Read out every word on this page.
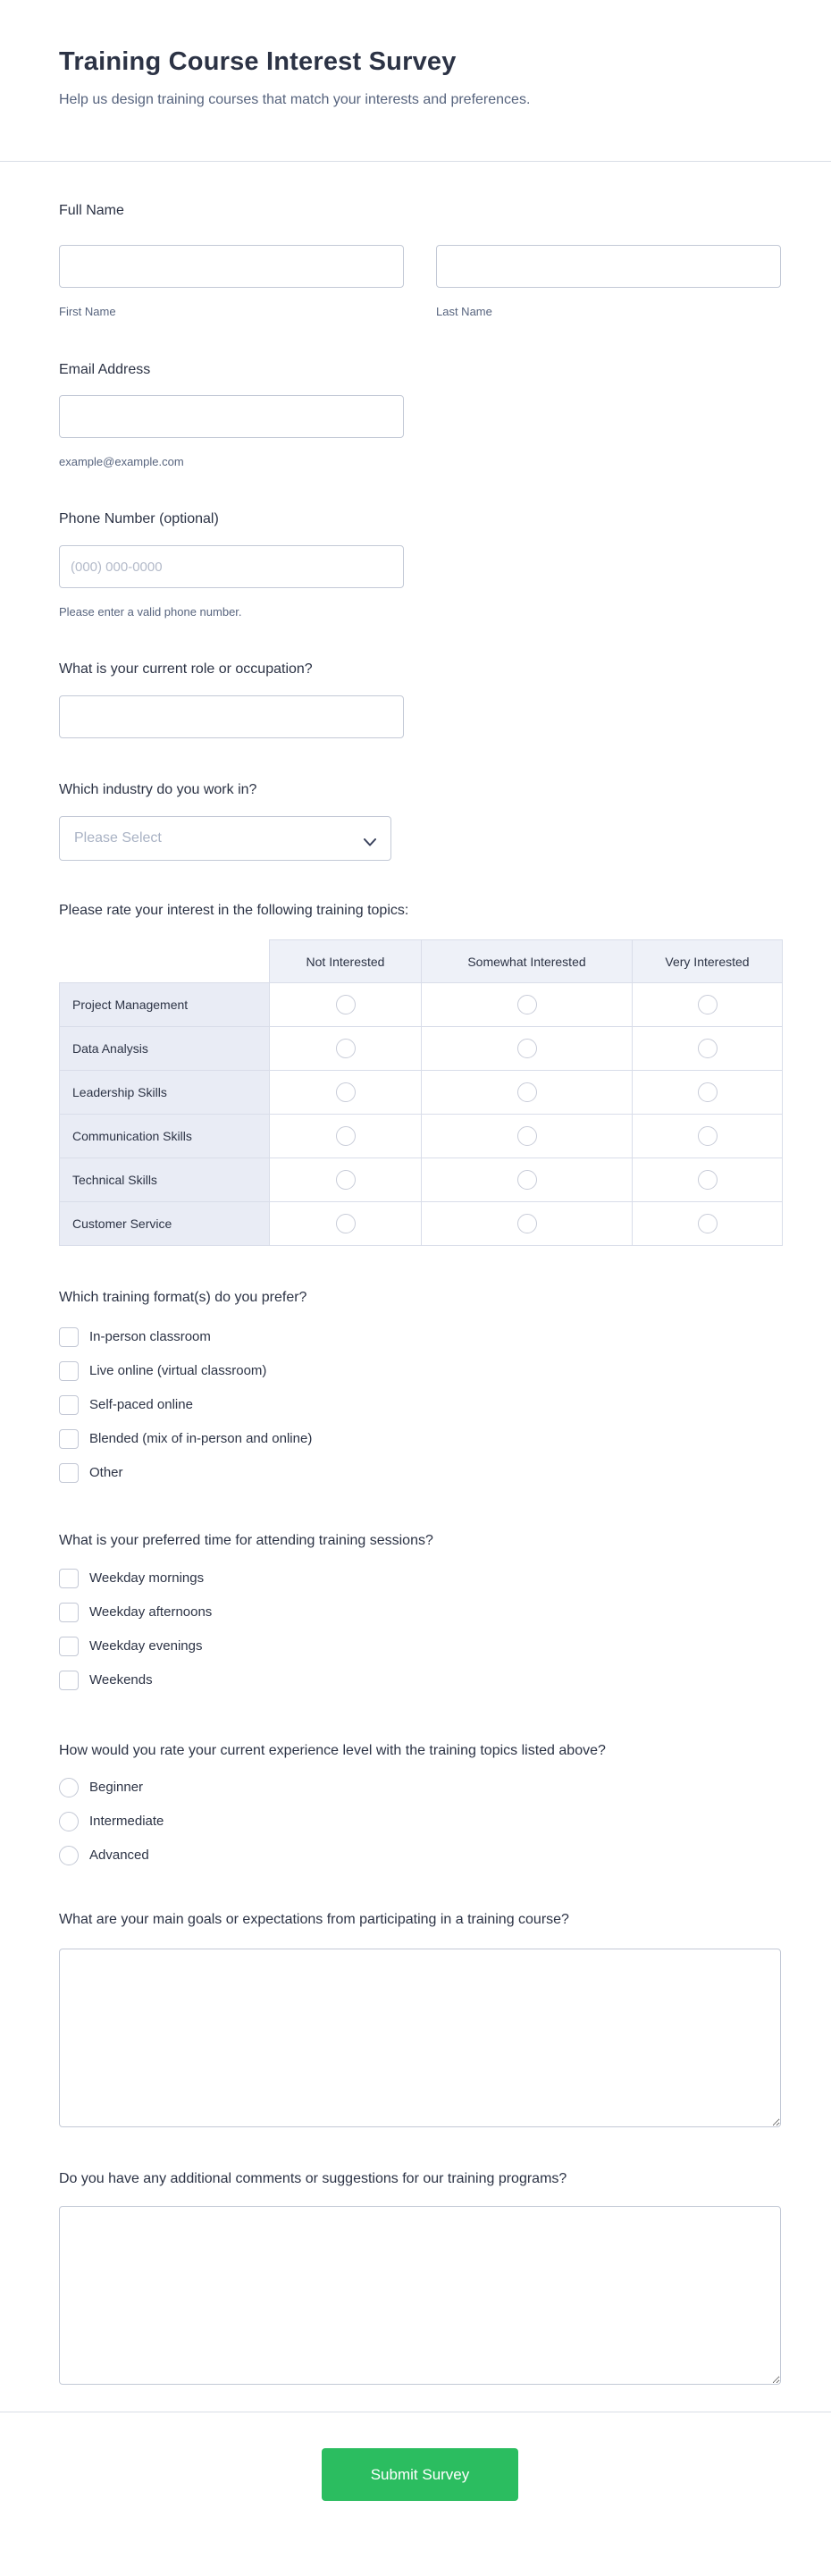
Training Course Interest Survey
Help us design training courses that match your interests and preferences.
Full Name
First Name	Last Name
Email Address
example@example.com
Phone Number (optional)
(000) 000-0000
Please enter a valid phone number.
What is your current role or occupation?
Which industry do you work in?
Please Select
Please rate your interest in the following training topics:
	Not Interested	Somewhat Interested	Very Interested
Project Management			
Data Analysis			
Leadership Skills			
Communication Skills			
Technical Skills			
Customer Service			
Which training format(s) do you prefer?
In-person classroom
Live online (virtual classroom)
Self-paced online
Blended (mix of in-person and online)
Other
What is your preferred time for attending training sessions?
Weekday mornings
Weekday afternoons
Weekday evenings
Weekends
How would you rate your current experience level with the training topics listed above?
Beginner
Intermediate
Advanced
What are your main goals or expectations from participating in a training course?
Do you have any additional comments or suggestions for our training programs?
Submit Survey
